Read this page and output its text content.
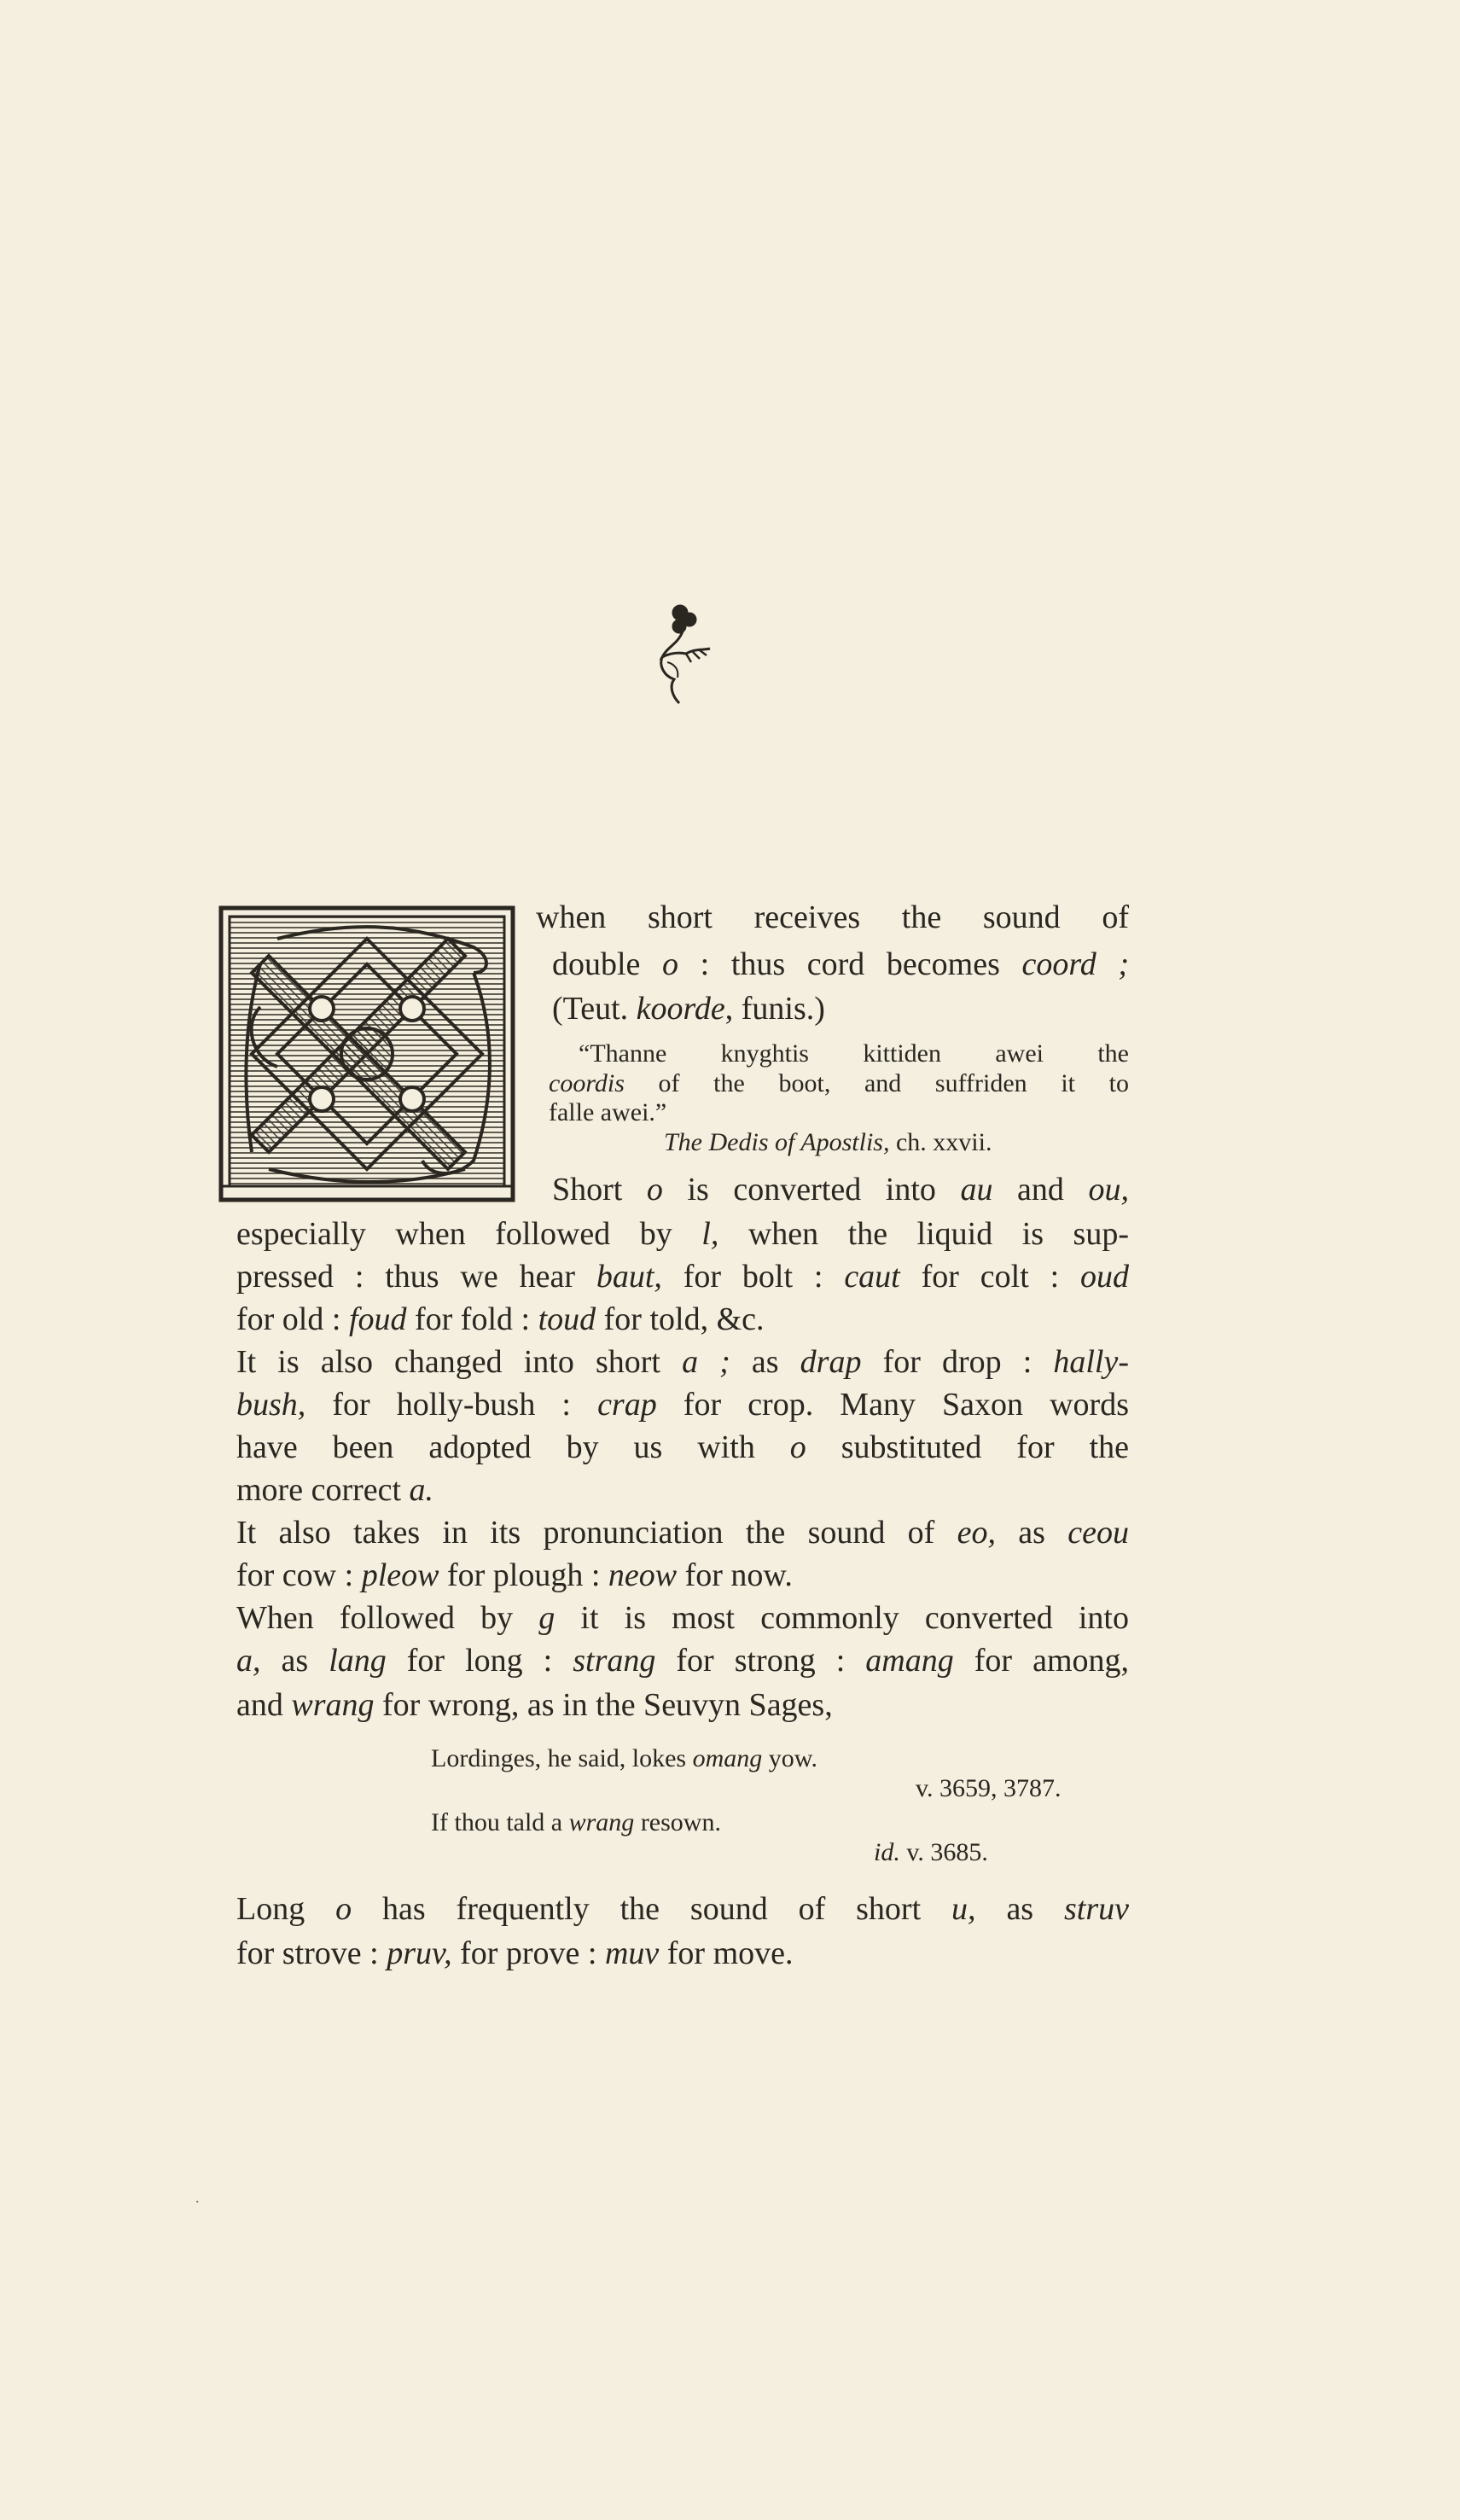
when short receives the sound of
double o : thus cord becomes coord ;
(Teut. koorde, funis.)
“Thanne knyghtis kittiden awei the
coordis of the boot, and suffriden it to
falle awei.”
The Dedis of Apostlis, ch. xxvii.
Short o is converted into au and ou,
especially when followed by l, when the liquid is sup-
pressed : thus we hear baut, for bolt : caut for colt : oud
for old : foud for fold : toud for told, &c.
It is also changed into short a ; as drap for drop : hally-
bush, for holly-bush : crap for crop. Many Saxon words
have been adopted by us with o substituted for the
more correct a.
It also takes in its pronunciation the sound of eo, as ceou
for cow : pleow for plough : neow for now.
When followed by g it is most commonly converted into
a, as lang for long : strang for strong : amang for among,
and wrang for wrong, as in the Seuvyn Sages,
Lordinges, he said, lokes omang yow.
v. 3659, 3787.
If thou tald a wrang resown.
id. v. 3685.
Long o has frequently the sound of short u, as struv
for strove : pruv, for prove : muv for move.
.
